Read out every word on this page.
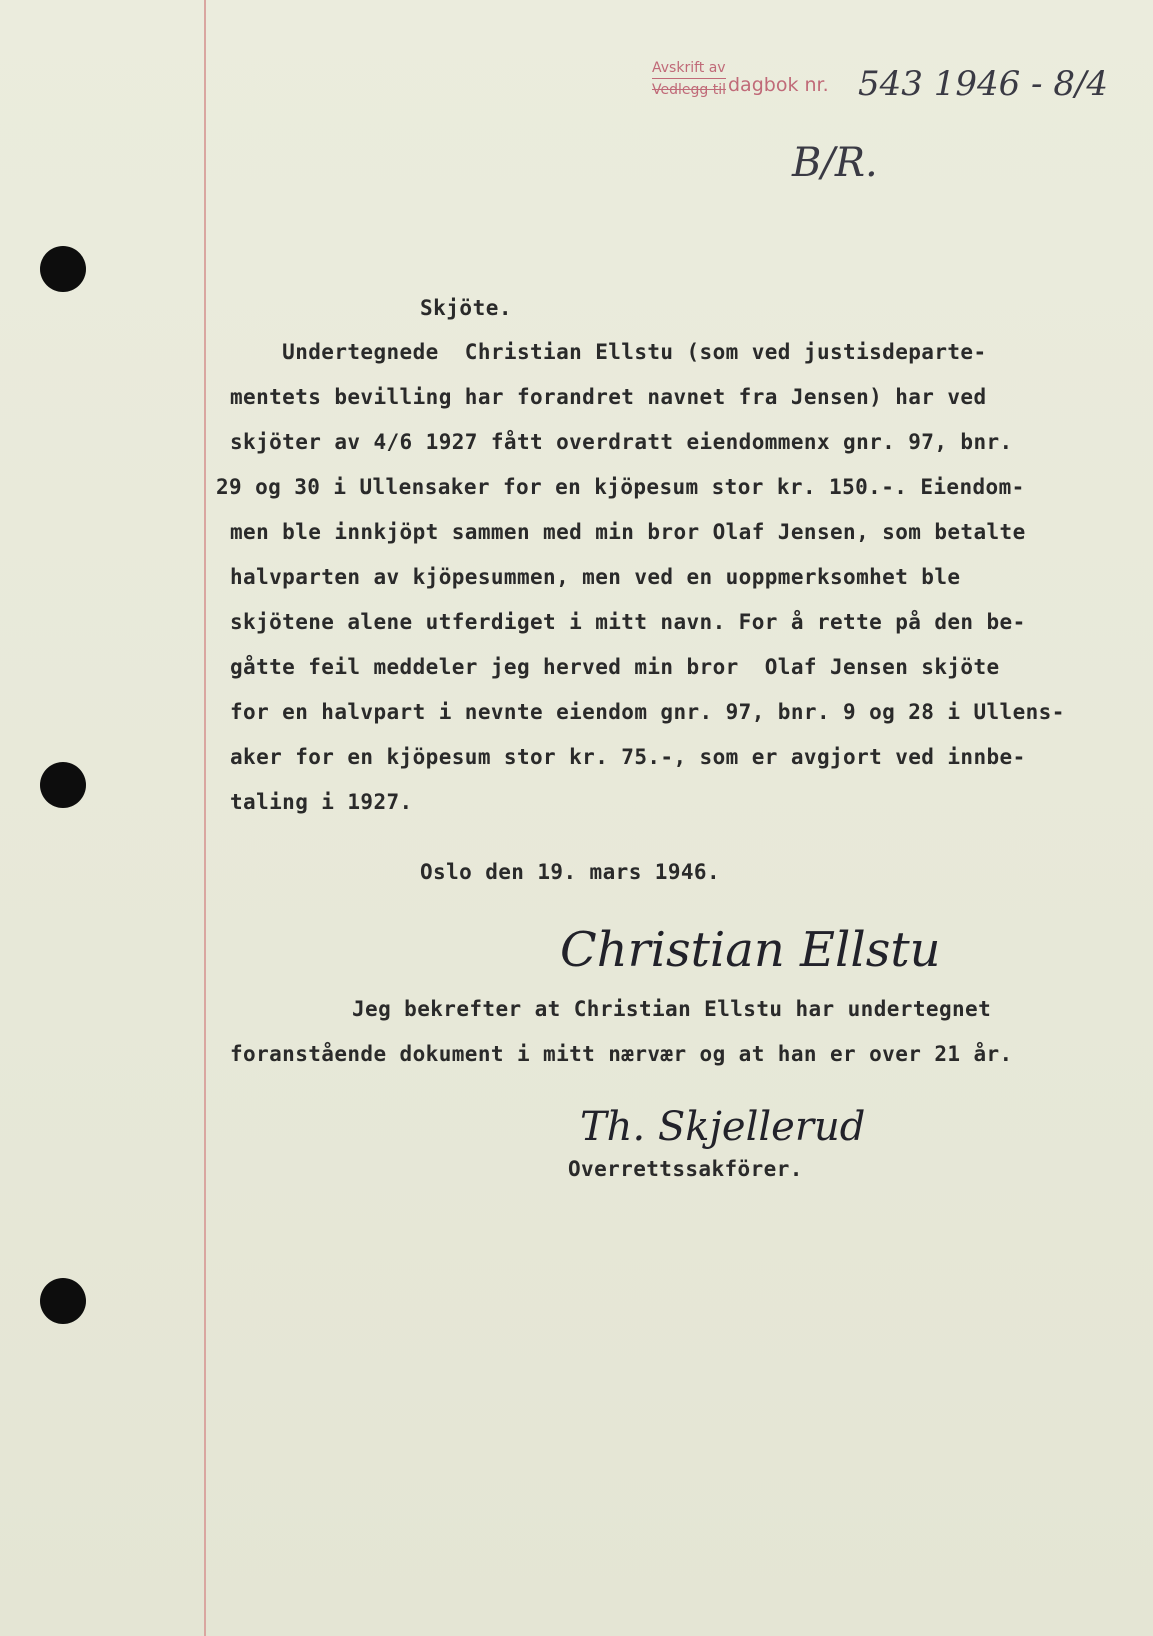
Avskrift av
Vedlegg til dagbok nr. 543 1946 - 8/4
B/R.
Skjöte.
Undertegnede  Christian Ellstu (som ved justisdeparte-
mentets bevilling har forandret navnet fra Jensen) har ved
skjöter av 4/6 1927 fått overdratt eiendommenx gnr. 97, bnr.
29 og 30 i Ullensaker for en kjöpesum stor kr. 150.-. Eiendom-
men ble innkjöpt sammen med min bror Olaf Jensen, som betalte
halvparten av kjöpesummen, men ved en uoppmerksomhet ble
skjötene alene utferdiget i mitt navn. For å rette på den be-
gåtte feil meddeler jeg herved min bror  Olaf Jensen skjöte
for en halvpart i nevnte eiendom gnr. 97, bnr. 9 og 28 i Ullens-
aker for en kjöpesum stor kr. 75.-, som er avgjort ved innbe-
taling i 1927.
Oslo den 19. mars 1946.
Christian Ellstu
Jeg bekrefter at Christian Ellstu har undertegnet
foranstående dokument i mitt nærvær og at han er over 21 år.
Th. Skjellerud
Overrettssakförer.
